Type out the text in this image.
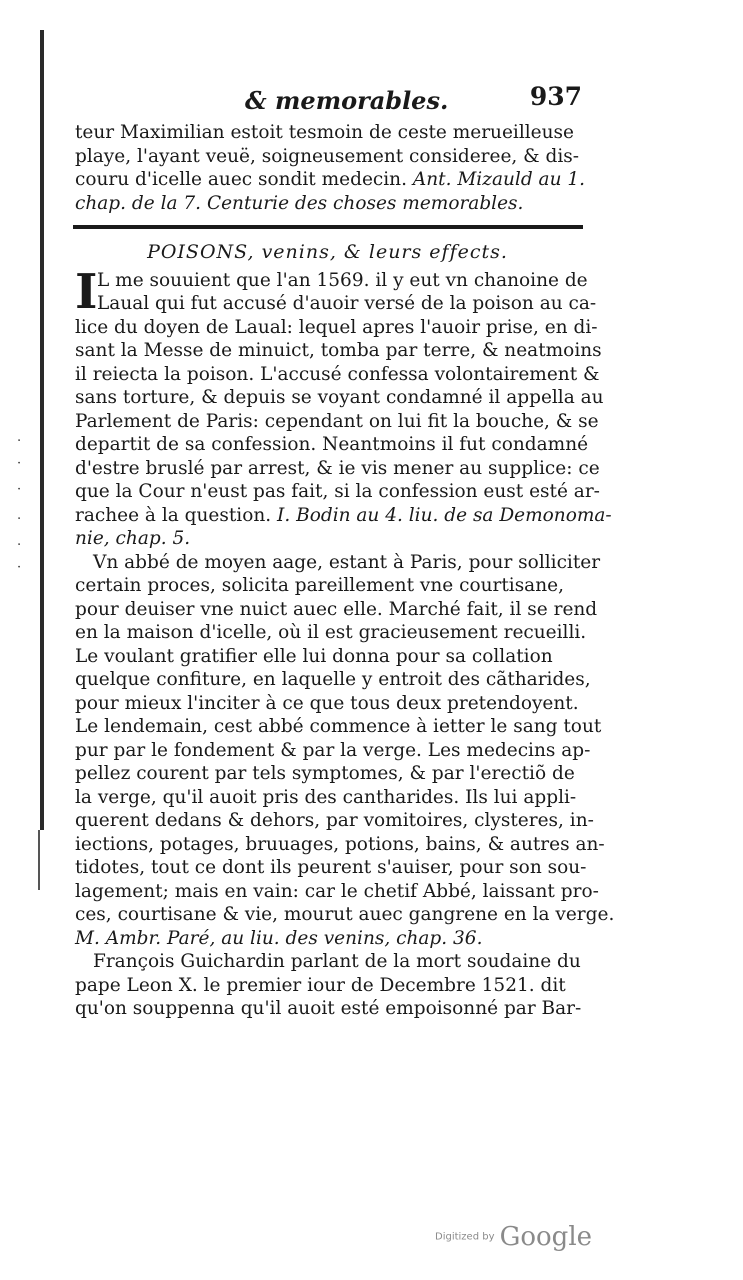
.
·
·
.
.
·
& memorables.	937

teur Maximilian estoit tesmoin de ceste merueilleuse
playe, l'ayant veuë, soigneusement consideree, & dis-
couru d'icelle auec sondit medecin. Ant. Mizauld au 1.
chap. de la 7. Centurie des choses memorables.

POISONS, venins, & leurs effects.

I L me souuient que l'an 1569. il y eut vn chanoine de
Laual qui fut accusé d'auoir versé de la poison au ca-
lice du doyen de Laual: lequel apres l'auoir prise, en di-
sant la Messe de minuict, tomba par terre, & neatmoins
il reiecta la poison. L'accusé confessa volontairement &
sans torture, & depuis se voyant condamné il appella au
Parlement de Paris: cependant on lui fit la bouche, & se
departit de sa confession. Neantmoins il fut condamné
d'estre bruslé par arrest, & ie vis mener au supplice: ce
que la Cour n'eust pas fait, si la confession eust esté ar-
rachee à la question. I. Bodin au 4. liu. de sa Demonoma-
nie, chap. 5.

Vn abbé de moyen aage, estant à Paris, pour solliciter
certain proces, solicita pareillement vne courtisane,
pour deuiser vne nuict auec elle. Marché fait, il se rend
en la maison d'icelle, où il est gracieusement recueilli.
Le voulant gratifier elle lui donna pour sa collation
quelque confiture, en laquelle y entroit des cãtharides,
pour mieux l'inciter à ce que tous deux pretendoyent.
Le lendemain, cest abbé commence à ietter le sang tout
pur par le fondement & par la verge. Les medecins ap-
pellez courent par tels symptomes, & par l'erectiõ de
la verge, qu'il auoit pris des cantharides. Ils lui appli-
querent dedans & dehors, par vomitoires, clysteres, in-
iections, potages, bruuages, potions, bains, & autres an-
tidotes, tout ce dont ils peurent s'auiser, pour son sou-
lagement; mais en vain: car le chetif Abbé, laissant pro-
ces, courtisane & vie, mourut auec gangrene en la verge.
M. Ambr. Paré, au liu. des venins, chap. 36.

François Guichardin parlant de la mort soudaine du
pape Leon X. le premier iour de Decembre 1521. dit
qu'on souppenna qu'il auoit esté empoisonné par Bar-

Digitized by Google
